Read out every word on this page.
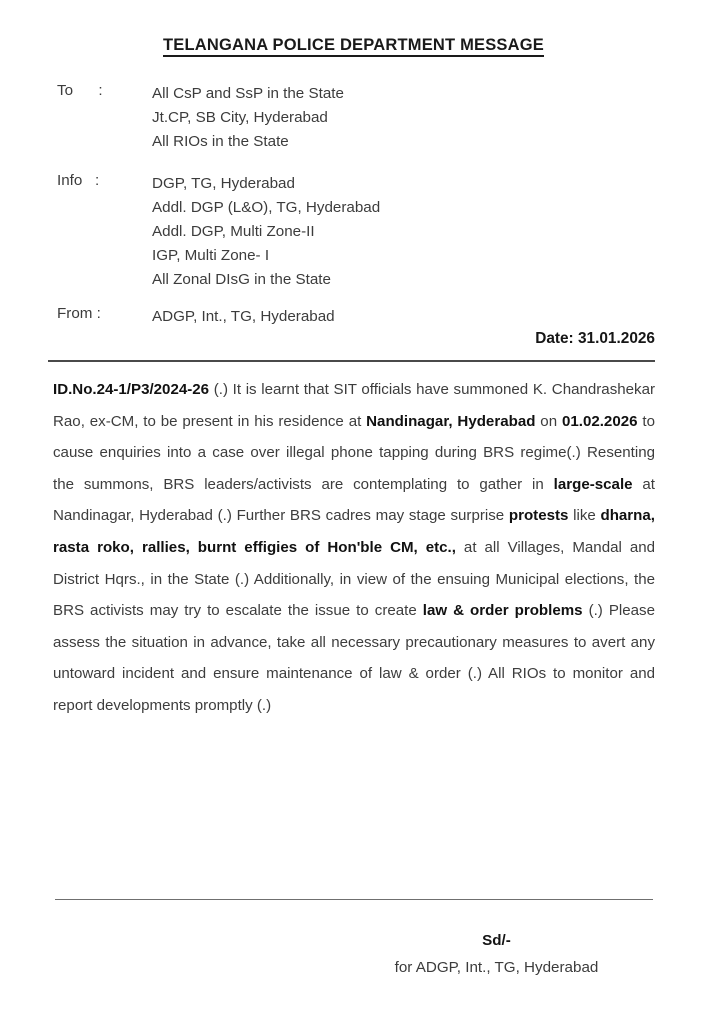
TELANGANA POLICE DEPARTMENT MESSAGE
To      :	All CsP and SsP in the State
Jt.CP, SB City, Hyderabad
All RIOs in the State
Info   :	DGP, TG, Hyderabad
Addl. DGP (L&O), TG, Hyderabad
Addl. DGP, Multi Zone-II
IGP, Multi Zone- I
All Zonal DIsG in the State
From :	ADGP, Int., TG, Hyderabad
Date: 31.01.2026
ID.No.24-1/P3/2024-26 (.) It is learnt that SIT officials have summoned K. Chandrashekar Rao, ex-CM, to be present in his residence at Nandinagar, Hyderabad on 01.02.2026 to cause enquiries into a case over illegal phone tapping during BRS regime(.) Resenting the summons, BRS leaders/activists are contemplating to gather in large-scale at Nandinagar, Hyderabad (.) Further BRS cadres may stage surprise protests like dharna, rasta roko, rallies, burnt effigies of Hon'ble CM, etc., at all Villages, Mandal and District Hqrs., in the State (.) Additionally, in view of the ensuing Municipal elections, the BRS activists may try to escalate the issue to create law & order problems (.) Please assess the situation in advance, take all necessary precautionary measures to avert any untoward incident and ensure maintenance of law & order (.) All RIOs to monitor and report developments promptly (.)
Sd/-
for ADGP, Int., TG, Hyderabad
